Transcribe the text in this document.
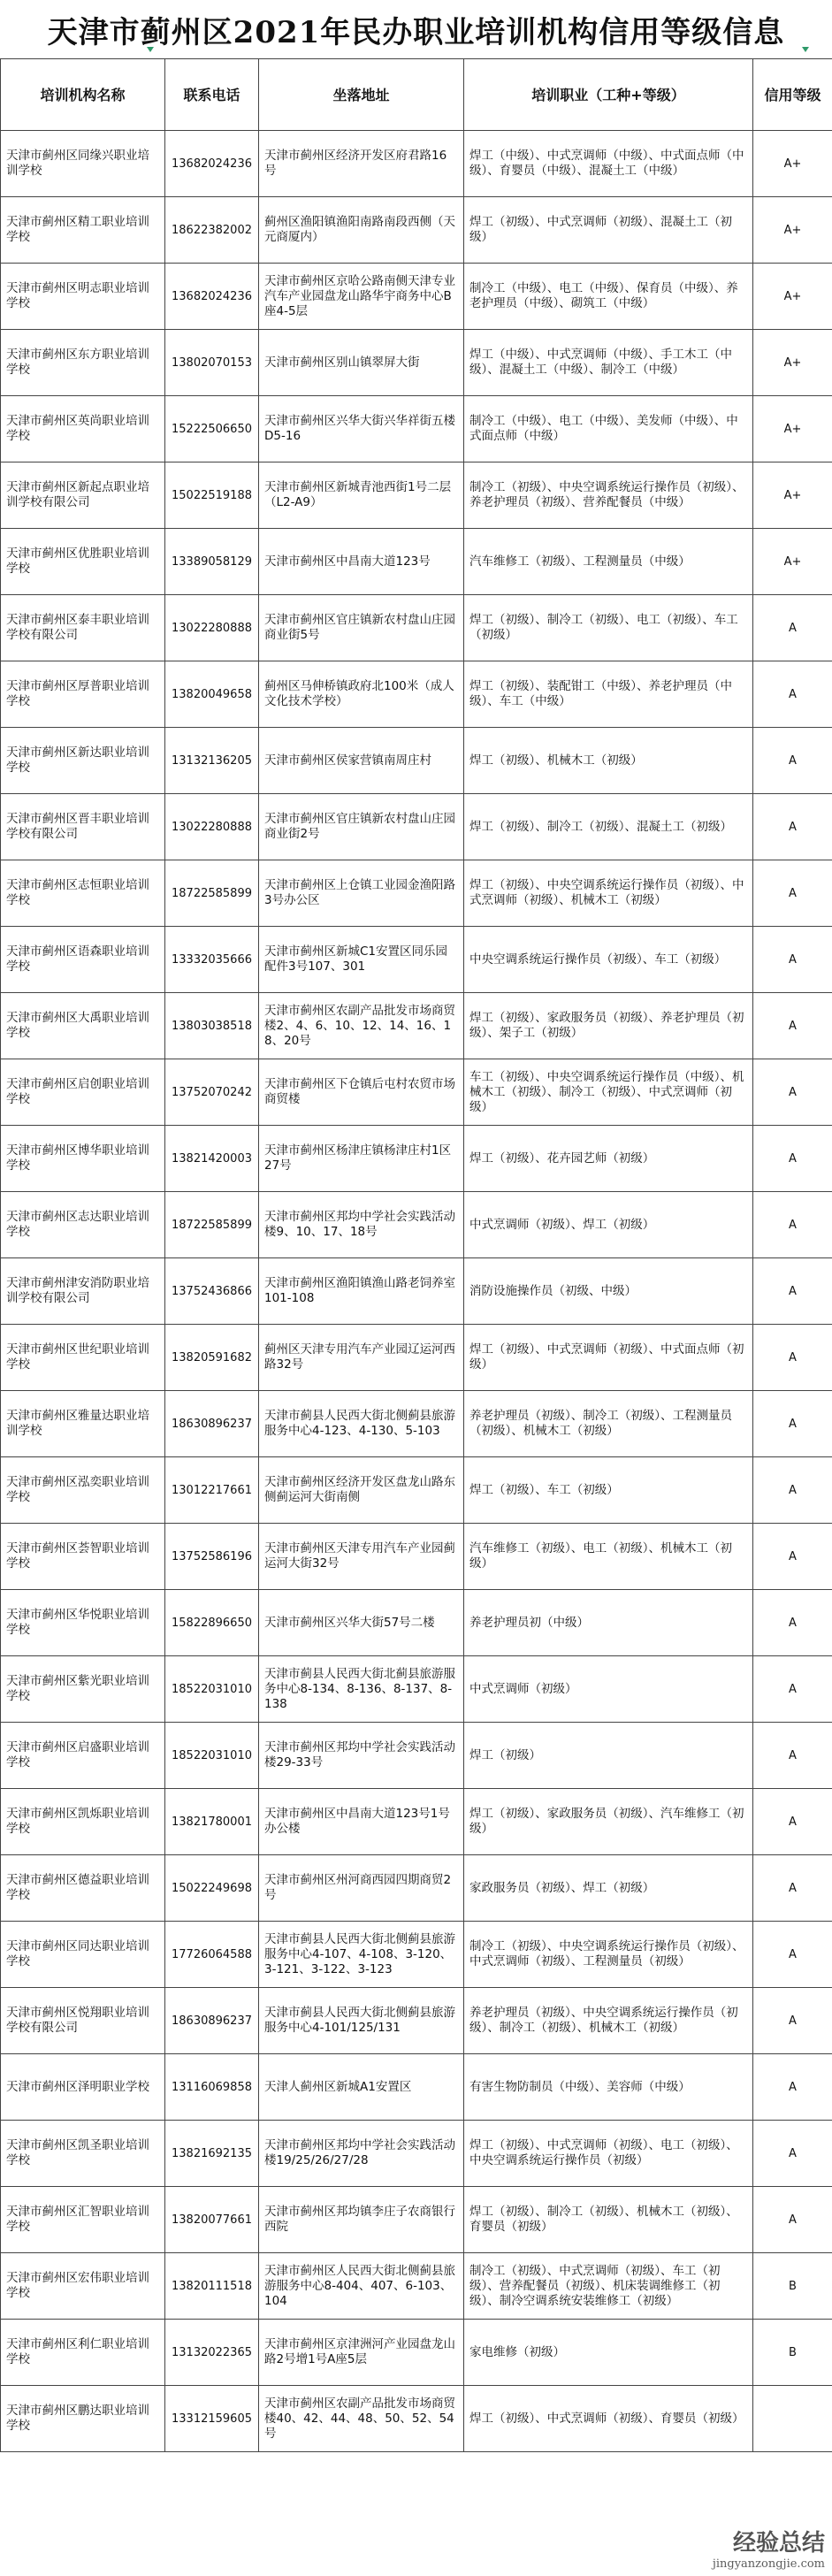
天津市蓟州区2021年民办职业培训机构信用等级信息
培训机构名称	联系电话	坐落地址	培训职业（工种+等级）	信用等级
天津市蓟州区同缘兴职业培训学校	13682024236	天津市蓟州区经济开发区府君路16号	焊工（中级）、中式烹调师（中级）、中式面点师（中级）、育婴员（中级）、混凝土工（中级）	A+
天津市蓟州区精工职业培训学校	18622382002	蓟州区渔阳镇渔阳南路南段西侧（天元商厦内）	焊工（初级）、中式烹调师（初级）、混凝土工（初级）	A+
天津市蓟州区明志职业培训学校	13682024236	天津市蓟州区京哈公路南侧天津专业汽车产业园盘龙山路华宇商务中心B座4-5层	制冷工（中级）、电工（中级）、保育员（中级）、养老护理员（中级）、砌筑工（中级）	A+
天津市蓟州区东方职业培训学校	13802070153	天津市蓟州区别山镇翠屏大街	焊工（中级）、中式烹调师（中级）、手工木工（中级）、混凝土工（中级）、制冷工（中级）	A+
天津市蓟州区英尚职业培训学校	15222506650	天津市蓟州区兴华大街兴华祥街五楼D5-16	制冷工（中级）、电工（中级）、美发师（中级）、中式面点师（中级）	A+
天津市蓟州区新起点职业培训学校有限公司	15022519188	天津市蓟州区新城青池西街1号二层（L2-A9）	制冷工（初级）、中央空调系统运行操作员（初级）、养老护理员（初级）、营养配餐员（中级）	A+
天津市蓟州区优胜职业培训学校	13389058129	天津市蓟州区中昌南大道123号	汽车维修工（初级）、工程测量员（中级）	A+
天津市蓟州区泰丰职业培训学校有限公司	13022280888	天津市蓟州区官庄镇新农村盘山庄园商业街5号	焊工（初级）、制冷工（初级）、电工（初级）、车工（初级）	A
天津市蓟州区厚普职业培训学校	13820049658	蓟州区马伸桥镇政府北100米（成人文化技术学校）	焊工（初级）、装配钳工（中级）、养老护理员（中级）、车工（中级）	A
天津市蓟州区新达职业培训学校	13132136205	天津市蓟州区侯家营镇南周庄村	焊工（初级）、机械木工（初级）	A
天津市蓟州区晋丰职业培训学校有限公司	13022280888	天津市蓟州区官庄镇新农村盘山庄园商业街2号	焊工（初级）、制冷工（初级）、混凝土工（初级）	A
天津市蓟州区志恒职业培训学校	18722585899	天津市蓟州区上仓镇工业园金渔阳路3号办公区	焊工（初级）、中央空调系统运行操作员（初级）、中式烹调师（初级）、机械木工（初级）	A
天津市蓟州区语森职业培训学校	13332035666	天津市蓟州区新城C1安置区同乐园配件3号107、301	中央空调系统运行操作员（初级）、车工（初级）	A
天津市蓟州区大禹职业培训学校	13803038518	天津市蓟州区农副产品批发市场商贸楼2、4、6、10、12、14、16、18、20号	焊工（初级）、家政服务员（初级）、养老护理员（初级）、架子工（初级）	A
天津市蓟州区启创职业培训学校	13752070242	天津市蓟州区下仓镇后屯村农贸市场商贸楼	车工（初级）、中央空调系统运行操作员（中级）、机械木工（初级）、制冷工（初级）、中式烹调师（初级）	A
天津市蓟州区博华职业培训学校	13821420003	天津市蓟州区杨津庄镇杨津庄村1区27号	焊工（初级）、花卉园艺师（初级）	A
天津市蓟州区志达职业培训学校	18722585899	天津市蓟州区邦均中学社会实践活动楼9、10、17、18号	中式烹调师（初级）、焊工（初级）	A
天津市蓟州津安消防职业培训学校有限公司	13752436866	天津市蓟州区渔阳镇渔山路老饲养室101-108	消防设施操作员（初级、中级）	A
天津市蓟州区世纪职业培训学校	13820591682	蓟州区天津专用汽车产业园辽运河西路32号	焊工（初级）、中式烹调师（初级）、中式面点师（初级）	A
天津市蓟州区雅量达职业培训学校	18630896237	天津市蓟县人民西大街北侧蓟县旅游服务中心4-123、4-130、5-103	养老护理员（初级）、制冷工（初级）、工程测量员（初级）、机械木工（初级）	A
天津市蓟州区泓奕职业培训学校	13012217661	天津市蓟州区经济开发区盘龙山路东侧蓟运河大街南侧	焊工（初级）、车工（初级）	A
天津市蓟州区荟智职业培训学校	13752586196	天津市蓟州区天津专用汽车产业园蓟运河大街32号	汽车维修工（初级）、电工（初级）、机械木工（初级）	A
天津市蓟州区华悦职业培训学校	15822896650	天津市蓟州区兴华大街57号二楼	养老护理员初（中级）	A
天津市蓟州区紫光职业培训学校	18522031010	天津市蓟县人民西大街北蓟县旅游服务中心8-134、8-136、8-137、8-138	中式烹调师（初级）	A
天津市蓟州区启盛职业培训学校	18522031010	天津市蓟州区邦均中学社会实践活动楼29-33号	焊工（初级）	A
天津市蓟州区凯烁职业培训学校	13821780001	天津市蓟州区中昌南大道123号1号办公楼	焊工（初级）、家政服务员（初级）、汽车维修工（初级）	A
天津市蓟州区德益职业培训学校	15022249698	天津市蓟州区州河商西园四期商贸2号	家政服务员（初级）、焊工（初级）	A
天津市蓟州区同达职业培训学校	17726064588	天津市蓟县人民西大街北侧蓟县旅游服务中心4-107、4-108、3-120、3-121、3-122、3-123	制冷工（初级）、中央空调系统运行操作员（初级）、中式烹调师（初级）、工程测量员（初级）	A
天津市蓟州区悦翔职业培训学校有限公司	18630896237	天津市蓟县人民西大街北侧蓟县旅游服务中心4-101/125/131	养老护理员（初级）、中央空调系统运行操作员（初级）、制冷工（初级）、机械木工（初级）	A
天津市蓟州区泽明职业学校	13116069858	天津人蓟州区新城A1安置区	有害生物防制员（中级）、美容师（中级）	A
天津市蓟州区凯圣职业培训学校	13821692135	天津市蓟州区邦均中学社会实践活动楼19/25/26/27/28	焊工（初级）、中式烹调师（初级）、电工（初级）、中央空调系统运行操作员（初级）	A
天津市蓟州区汇智职业培训学校	13820077661	天津市蓟州区邦均镇李庄子农商银行西院	焊工（初级）、制冷工（初级）、机械木工（初级）、育婴员（初级）	A
天津市蓟州区宏伟职业培训学校	13820111518	天津市蓟州区人民西大街北侧蓟县旅游服务中心8-404、407、6-103、104	制冷工（初级）、中式烹调师（初级）、车工（初级）、营养配餐员（初级）、机床装调维修工（初级）、制冷空调系统安装维修工（初级）	B
天津市蓟州区利仁职业培训学校	13132022365	天津市蓟州区京津洲河产业园盘龙山路2号增1号A座5层	家电维修（初级）	B
天津市蓟州区鹏达职业培训学校	13312159605	天津市蓟州区农副产品批发市场商贸楼40、42、44、48、50、52、54号	焊工（初级）、中式烹调师（初级）、育婴员（初级）	
经验总结
jingyanzongjie.com
